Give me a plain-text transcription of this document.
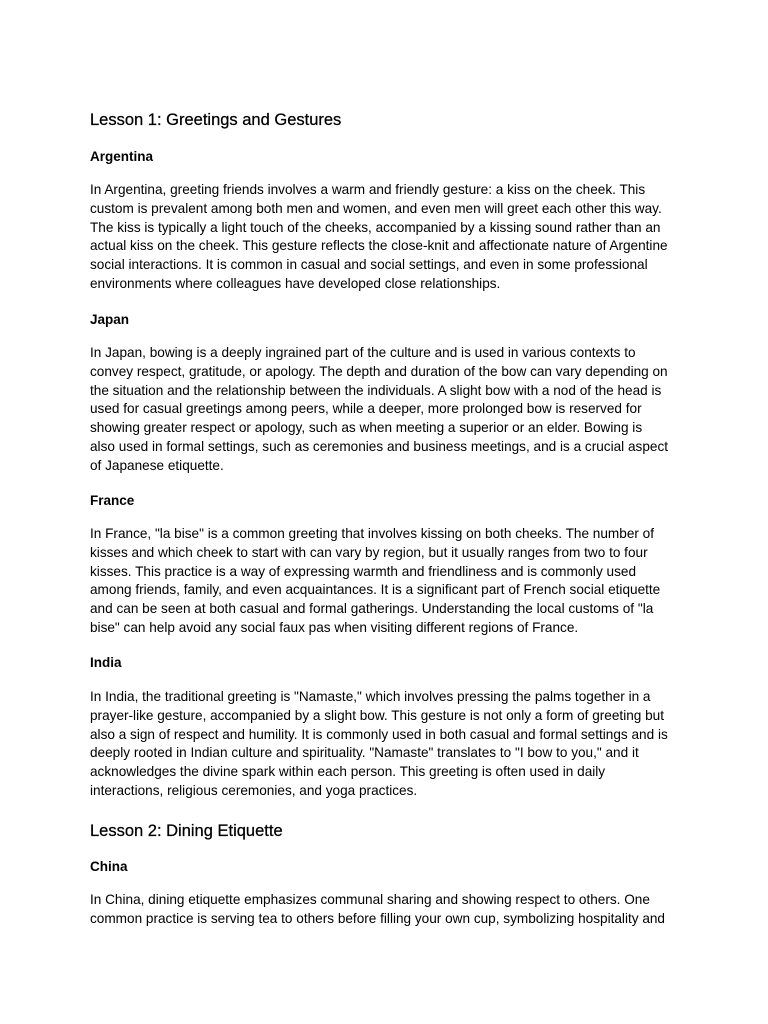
Lesson 1: Greetings and Gestures
Argentina

In Argentina, greeting friends involves a warm and friendly gesture: a kiss on the cheek. This
custom is prevalent among both men and women, and even men will greet each other this way.
The kiss is typically a light touch of the cheeks, accompanied by a kissing sound rather than an
actual kiss on the cheek. This gesture reflects the close-knit and affectionate nature of Argentine
social interactions. It is common in casual and social settings, and even in some professional
environments where colleagues have developed close relationships.

Japan

In Japan, bowing is a deeply ingrained part of the culture and is used in various contexts to
convey respect, gratitude, or apology. The depth and duration of the bow can vary depending on
the situation and the relationship between the individuals. A slight bow with a nod of the head is
used for casual greetings among peers, while a deeper, more prolonged bow is reserved for
showing greater respect or apology, such as when meeting a superior or an elder. Bowing is
also used in formal settings, such as ceremonies and business meetings, and is a crucial aspect
of Japanese etiquette.

France

In France, "la bise" is a common greeting that involves kissing on both cheeks. The number of
kisses and which cheek to start with can vary by region, but it usually ranges from two to four
kisses. This practice is a way of expressing warmth and friendliness and is commonly used
among friends, family, and even acquaintances. It is a significant part of French social etiquette
and can be seen at both casual and formal gatherings. Understanding the local customs of "la
bise" can help avoid any social faux pas when visiting different regions of France.

India

In India, the traditional greeting is "Namaste," which involves pressing the palms together in a
prayer-like gesture, accompanied by a slight bow. This gesture is not only a form of greeting but
also a sign of respect and humility. It is commonly used in both casual and formal settings and is
deeply rooted in Indian culture and spirituality. "Namaste" translates to "I bow to you," and it
acknowledges the divine spark within each person. This greeting is often used in daily
interactions, religious ceremonies, and yoga practices.

Lesson 2: Dining Etiquette
China

In China, dining etiquette emphasizes communal sharing and showing respect to others. One
common practice is serving tea to others before filling your own cup, symbolizing hospitality and
